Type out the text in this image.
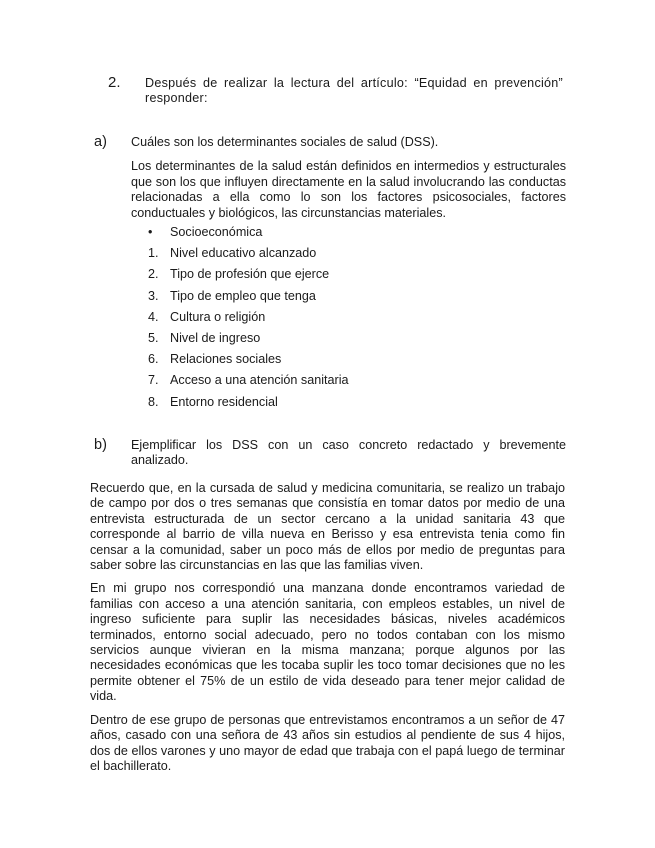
2. Después de realizar la lectura del artículo: “Equidad en prevención” responder:
a) Cuáles son los determinantes sociales de salud (DSS).
Los determinantes de la salud están definidos en intermedios y estructurales que son los que influyen directamente en la salud involucrando las conductas relacionadas a ella como lo son los factores psicosociales, factores conductuales y biológicos, las circunstancias materiales.
•	Socioeconómica
1. Nivel educativo alcanzado
2. Tipo de profesión que ejerce
3. Tipo de empleo que tenga
4. Cultura o religión
5. Nivel de ingreso
6. Relaciones sociales
7. Acceso a una atención sanitaria
8. Entorno residencial
b) Ejemplificar los DSS con un caso concreto redactado y brevemente analizado.

Recuerdo que, en la cursada de salud y medicina comunitaria, se realizo un trabajo de campo por dos o tres semanas que consistía en tomar datos por medio de una entrevista estructurada de un sector cercano a la unidad sanitaria 43 que corresponde al barrio de villa nueva en Berisso y esa entrevista tenia como fin censar a la comunidad, saber un poco más de ellos por medio de preguntas para saber sobre las circunstancias en las que las familias viven.

En mi grupo nos correspondió una manzana donde encontramos variedad de familias con acceso a una atención sanitaria, con empleos estables, un nivel de ingreso suficiente para suplir las necesidades básicas, niveles académicos terminados, entorno social adecuado, pero no todos contaban con los mismo servicios aunque vivieran en la misma manzana; porque algunos por las necesidades económicas que les tocaba suplir les toco tomar decisiones que no les permite obtener el 75% de un estilo de vida deseado para tener mejor calidad de vida.

Dentro de ese grupo de personas que entrevistamos encontramos a un señor de 47 años, casado con una señora de 43 años sin estudios al pendiente de sus 4 hijos, dos de ellos varones y uno mayor de edad que trabaja con el papá luego de terminar el bachillerato.
